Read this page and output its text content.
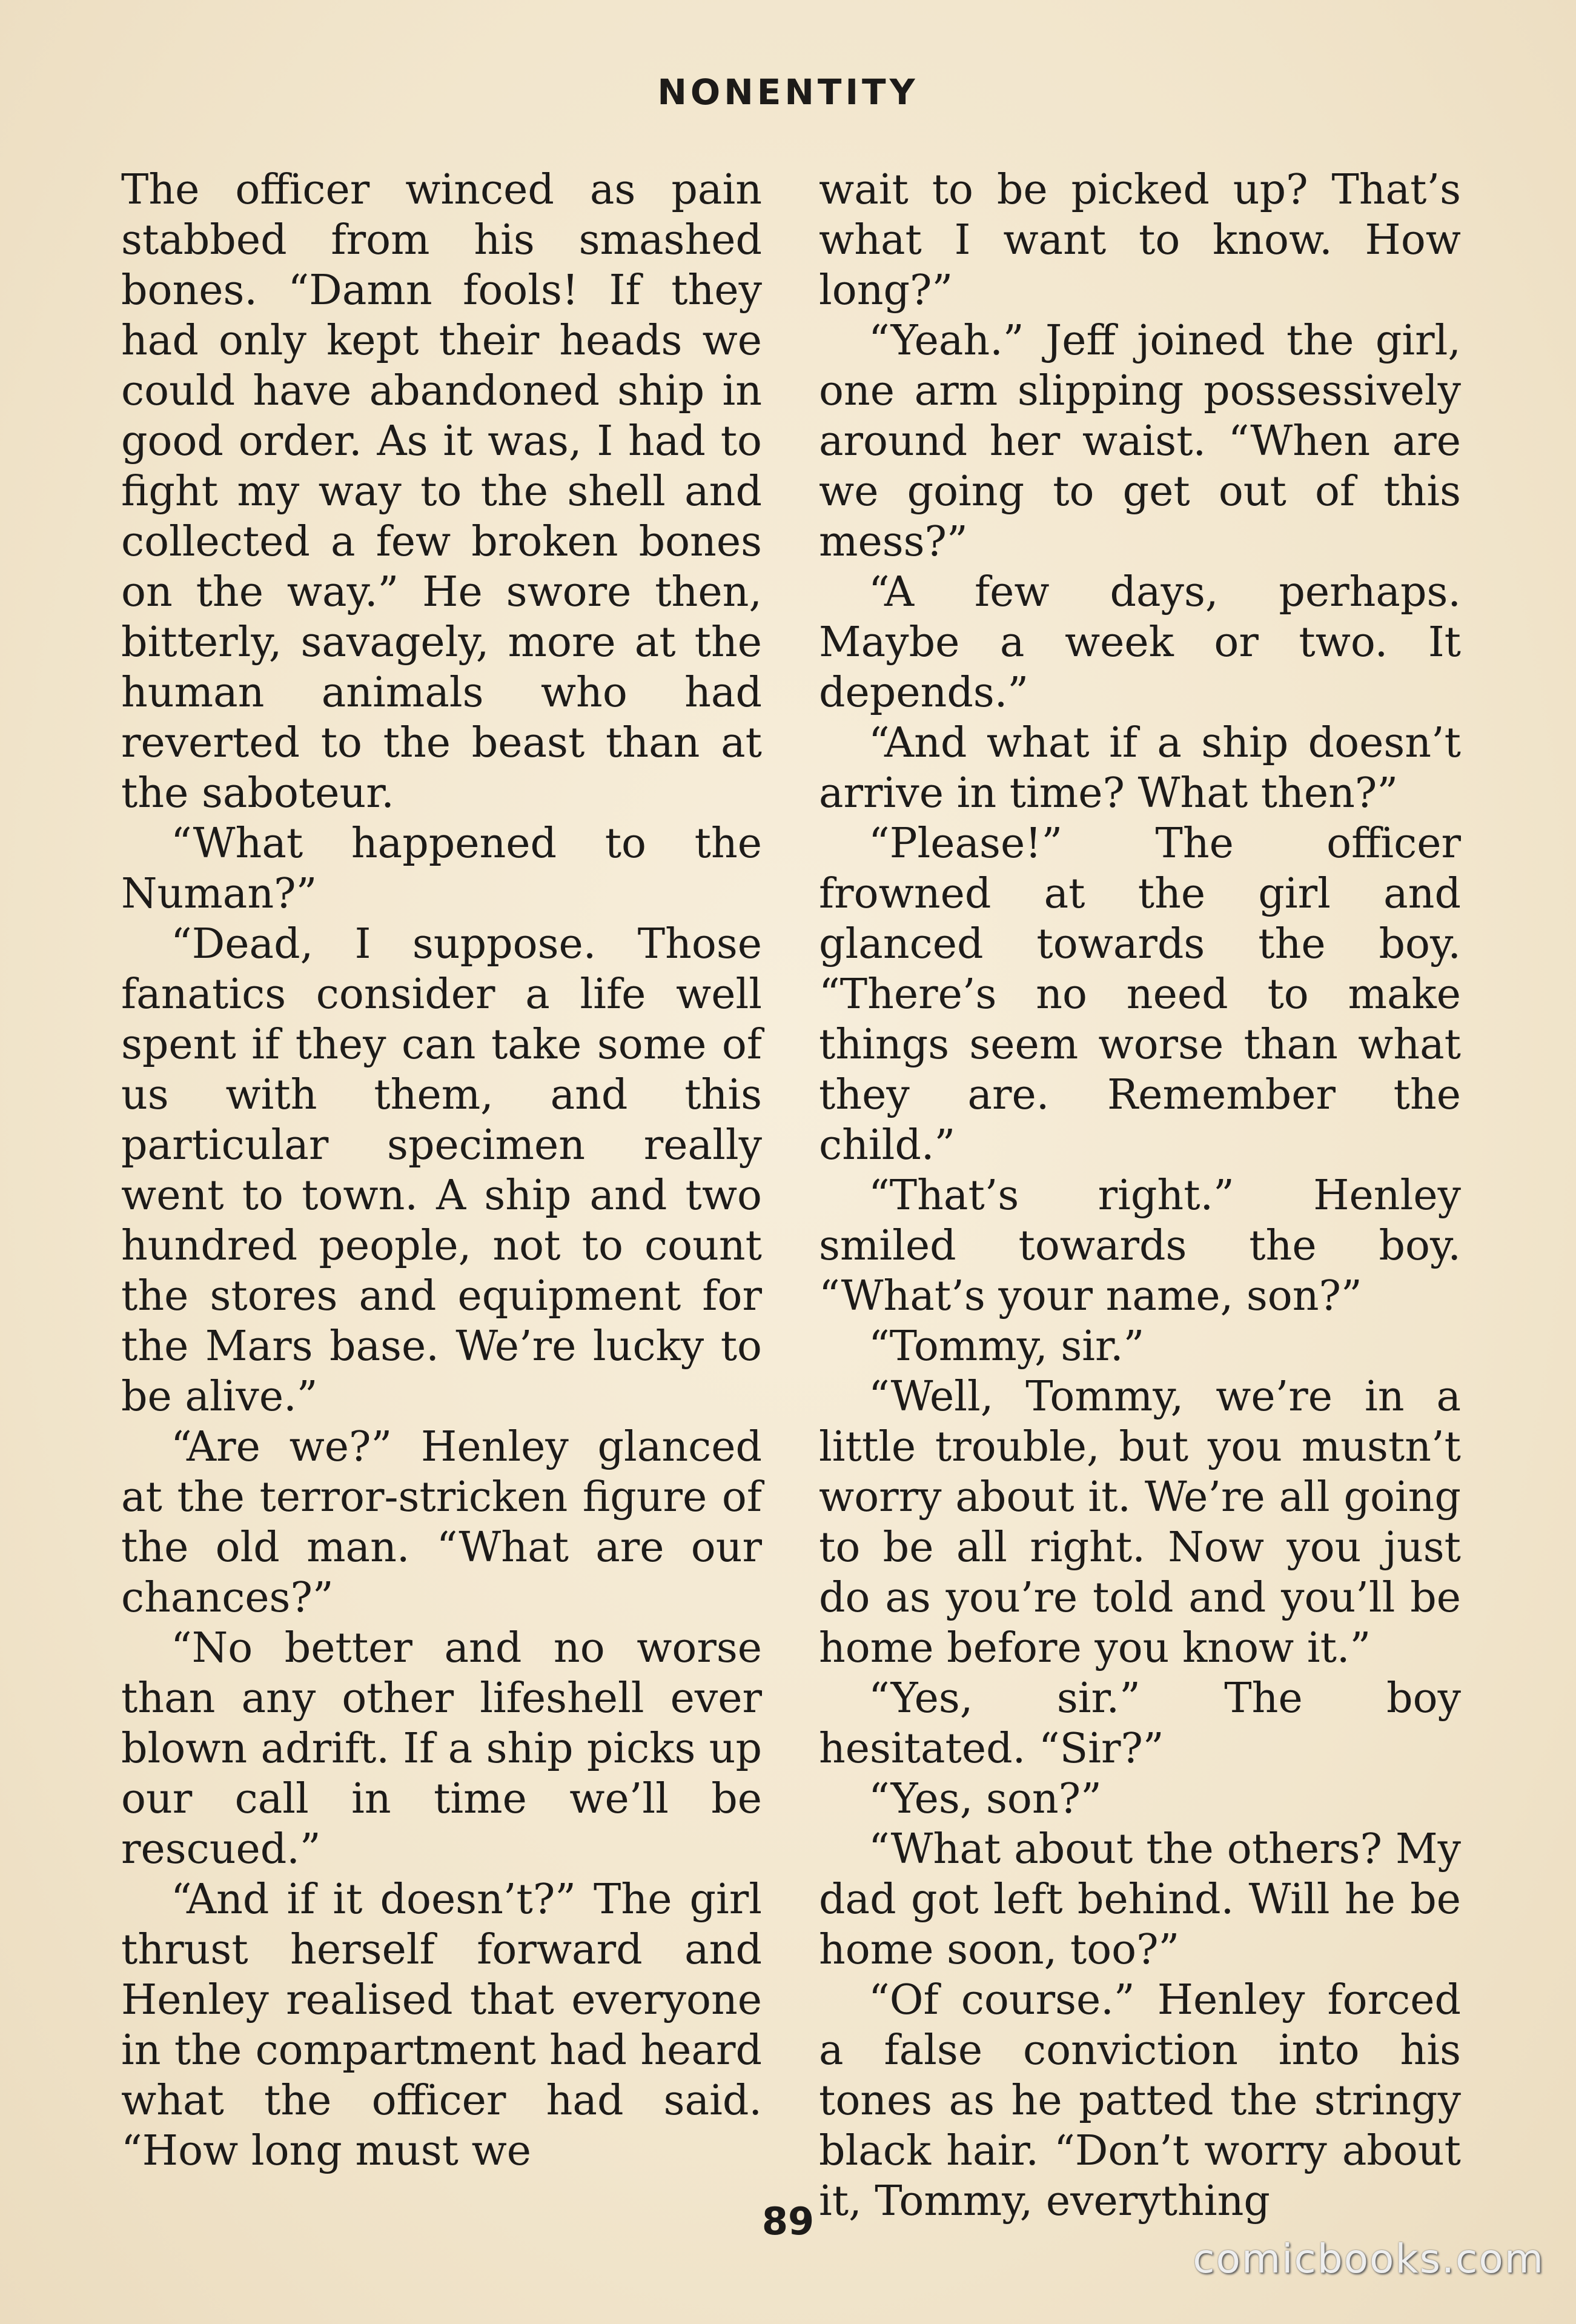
NONENTITY

The officer winced as pain stabbed from his smashed bones. “Damn fools! If they had only kept their heads we could have abandoned ship in good order. As it was, I had to fight my way to the shell and collected a few broken bones on the way.” He swore then, bitterly, savagely, more at the human animals who had reverted to the beast than at the saboteur.

“What happened to the Numan?”

“Dead, I suppose. Those fanatics consider a life well spent if they can take some of us with them, and this particular specimen really went to town. A ship and two hundred people, not to count the stores and equipment for the Mars base. We’re lucky to be alive.”

“Are we?” Henley glanced at the terror-stricken figure of the old man. “What are our chances?”

“No better and no worse than any other lifeshell ever blown adrift. If a ship picks up our call in time we’ll be rescued.”

“And if it doesn’t?” The girl thrust herself forward and Henley realised that everyone in the compartment had heard what the officer had said. “How long must we

wait to be picked up? That’s what I want to know. How long?”

“Yeah.” Jeff joined the girl, one arm slipping possessively around her waist. “When are we going to get out of this mess?”

“A few days, perhaps. Maybe a week or two. It depends.”

“And what if a ship doesn’t arrive in time? What then?”

“Please!” The officer frowned at the girl and glanced towards the boy. “There’s no need to make things seem worse than what they are. Remember the child.”

“That’s right.” Henley smiled towards the boy. “What’s your name, son?”

“Tommy, sir.”

“Well, Tommy, we’re in a little trouble, but you mustn’t worry about it. We’re all going to be all right. Now you just do as you’re told and you’ll be home before you know it.”

“Yes, sir.” The boy hesitated. “Sir?”

“Yes, son?”

“What about the others? My dad got left behind. Will he be home soon, too?”

“Of course.” Henley forced a false conviction into his tones as he patted the stringy black hair. “Don’t worry about it, Tommy, everything

89
comicbooks.com
